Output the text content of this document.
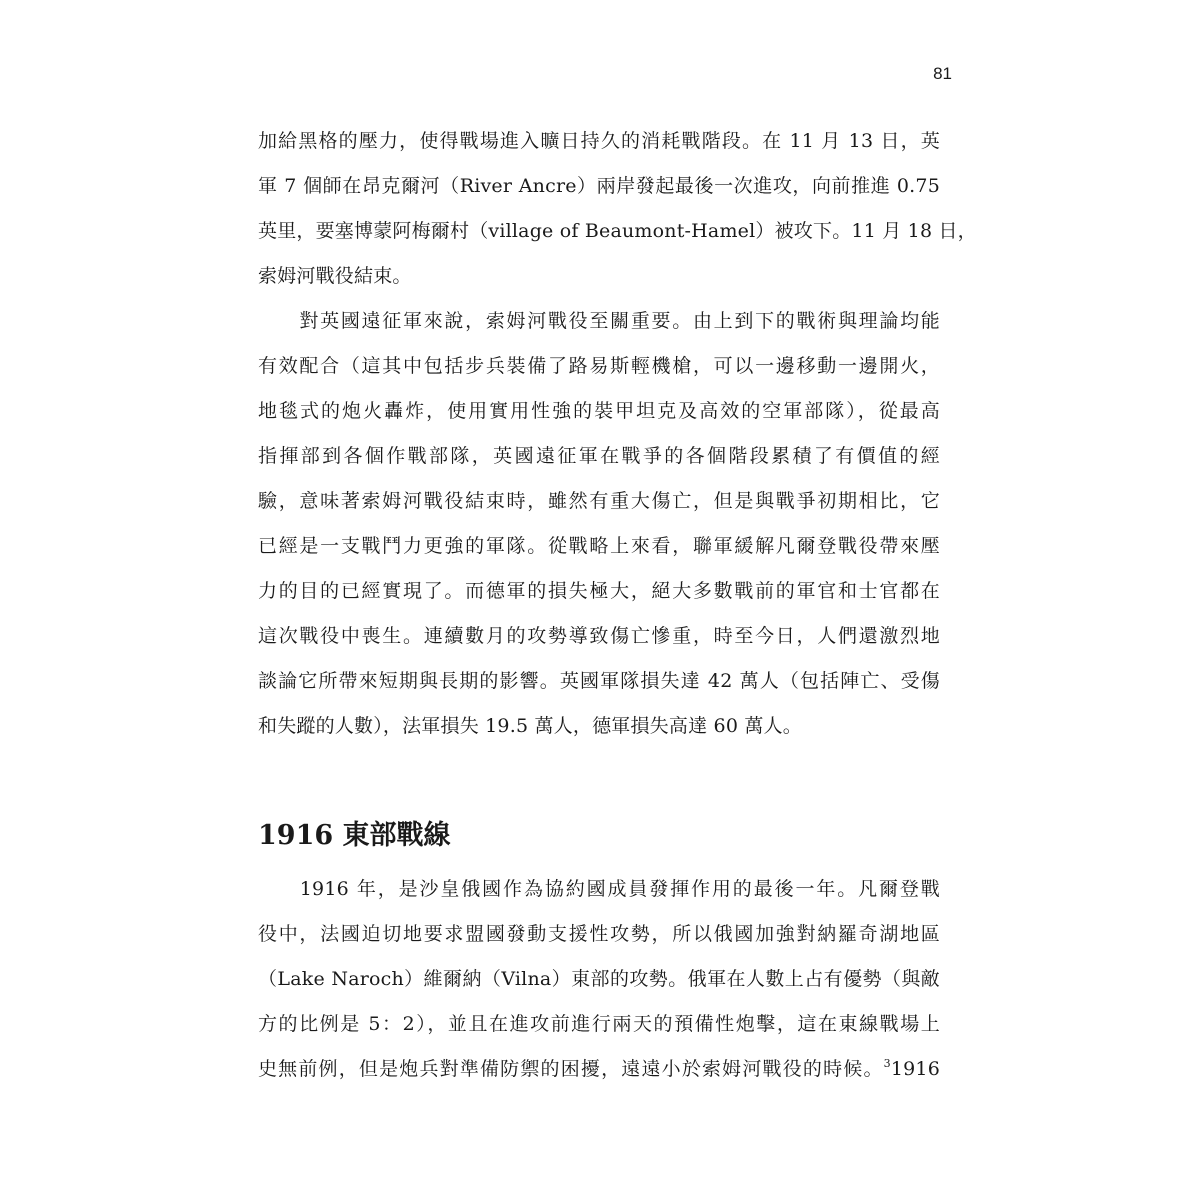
81
加給黑格的壓力，使得戰場進入曠日持久的消耗戰階段。在 11 月 13 日，英
軍 7 個師在昂克爾河（River Ancre）兩岸發起最後一次進攻，向前推進 0.75
英里，要塞博蒙阿梅爾村（village of Beaumont-Hamel）被攻下。11 月 18 日，
索姆河戰役結束。
　　對英國遠征軍來說，索姆河戰役至關重要。由上到下的戰術與理論均能
有效配合（這其中包括步兵裝備了路易斯輕機槍，可以一邊移動一邊開火，
地毯式的炮火轟炸，使用實用性強的裝甲坦克及高效的空軍部隊），從最高
指揮部到各個作戰部隊，英國遠征軍在戰爭的各個階段累積了有價值的經
驗，意味著索姆河戰役結束時，雖然有重大傷亡，但是與戰爭初期相比，它
已經是一支戰鬥力更強的軍隊。從戰略上來看，聯軍緩解凡爾登戰役帶來壓
力的目的已經實現了。而德軍的損失極大，絕大多數戰前的軍官和士官都在
這次戰役中喪生。連續數月的攻勢導致傷亡慘重，時至今日，人們還激烈地
談論它所帶來短期與長期的影響。英國軍隊損失達 42 萬人（包括陣亡、受傷
和失蹤的人數），法軍損失 19.5 萬人，德軍損失高達 60 萬人。
1916 東部戰線
　　1916 年，是沙皇俄國作為協約國成員發揮作用的最後一年。凡爾登戰
役中，法國迫切地要求盟國發動支援性攻勢，所以俄國加強對納羅奇湖地區
（Lake Naroch）維爾納（Vilna）東部的攻勢。俄軍在人數上占有優勢（與敵
方的比例是 5：2），並且在進攻前進行兩天的預備性炮擊，這在東線戰場上
史無前例，但是炮兵對準備防禦的困擾，遠遠小於索姆河戰役的時候。$^3$1916
